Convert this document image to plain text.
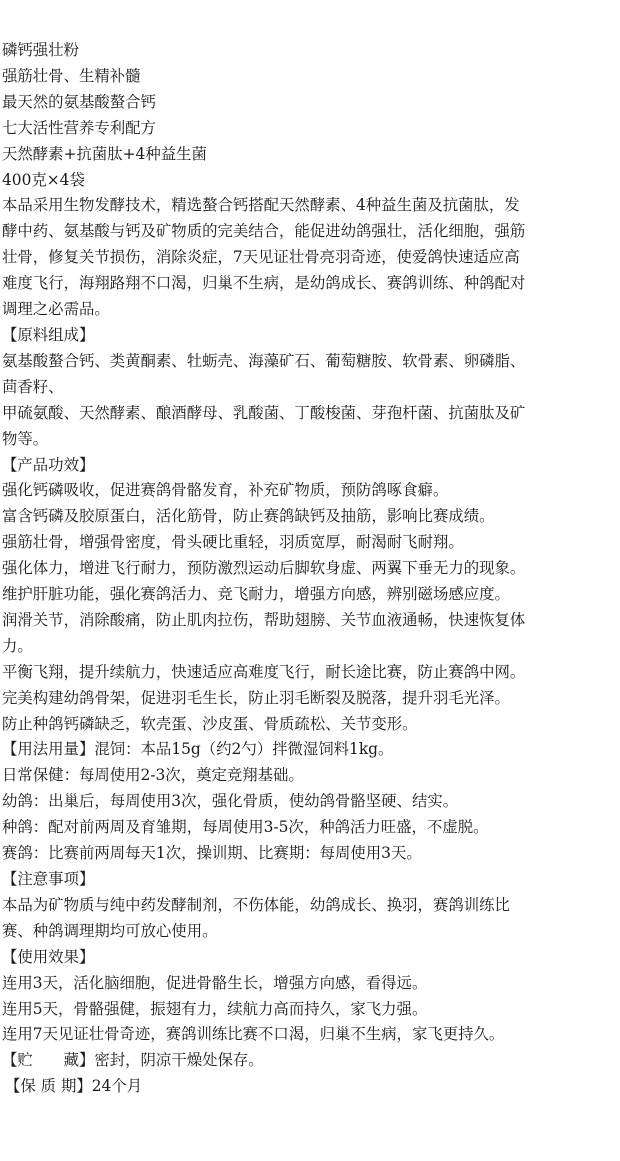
磷钙强壮粉
强筋壮骨、生精补髓
最天然的氨基酸螯合钙
七大活性营养专利配方
天然酵素+抗菌肽+4种益生菌
400克×4袋
本品采用生物发酵技术，精选螯合钙搭配天然酵素、4种益生菌及抗菌肽，发
酵中药、氨基酸与钙及矿物质的完美结合，能促进幼鸽强壮，活化细胞，强筋
壮骨，修复关节损伤，消除炎症，7天见证壮骨亮羽奇迹，使爱鸽快速适应高
难度飞行，海翔路翔不口渴，归巢不生病，是幼鸽成长、赛鸽训练、种鸽配对
调理之必需品。
【原料组成】
氨基酸螯合钙、类黄酮素、牡蛎壳、海藻矿石、葡萄糖胺、软骨素、卵磷脂、
茴香籽、
甲硫氨酸、天然酵素、酿酒酵母、乳酸菌、丁酸梭菌、芽孢杆菌、抗菌肽及矿
物等。
【产品功效】
强化钙磷吸收，促进赛鸽骨骼发育，补充矿物质，预防鸽啄食癖。
富含钙磷及胶原蛋白，活化筋骨，防止赛鸽缺钙及抽筋，影响比赛成绩。
强筋壮骨，增强骨密度，骨头硬比重轻，羽质宽厚，耐渴耐飞耐翔。
强化体力，增进飞行耐力，预防激烈运动后脚软身虚、两翼下垂无力的现象。
维护肝脏功能，强化赛鸽活力、竞飞耐力，增强方向感，辨别磁场感应度。
润滑关节，消除酸痛，防止肌肉拉伤，帮助翅膀、关节血液通畅，快速恢复体
力。
平衡飞翔，提升续航力，快速适应高难度飞行，耐长途比赛，防止赛鸽中网。
完美构建幼鸽骨架，促进羽毛生长，防止羽毛断裂及脱落，提升羽毛光泽。
防止种鸽钙磷缺乏，软壳蛋、沙皮蛋、骨质疏松、关节变形。
【用法用量】混饲：本品15g（约2勺）拌微湿饲料1kg。
日常保健：每周使用2-3次，奠定竞翔基础。
幼鸽：出巢后，每周使用3次，强化骨质，使幼鸽骨骼坚硬、结实。
种鸽：配对前两周及育雏期，每周使用3-5次，种鸽活力旺盛，不虚脱。
赛鸽：比赛前两周每天1次，操训期、比赛期：每周使用3天。
【注意事项】
本品为矿物质与纯中药发酵制剂，不伤体能，幼鸽成长、换羽，赛鸽训练比
赛、种鸽调理期均可放心使用。
【使用效果】
连用3天，活化脑细胞，促进骨骼生长，增强方向感，看得远。
连用5天，骨骼强健，振翅有力，续航力高而持久，家飞力强。
连用7天见证壮骨奇迹，赛鸽训练比赛不口渴，归巢不生病，家飞更持久。
【贮　　藏】密封，阴凉干燥处保存。
【保 质 期】24个月
